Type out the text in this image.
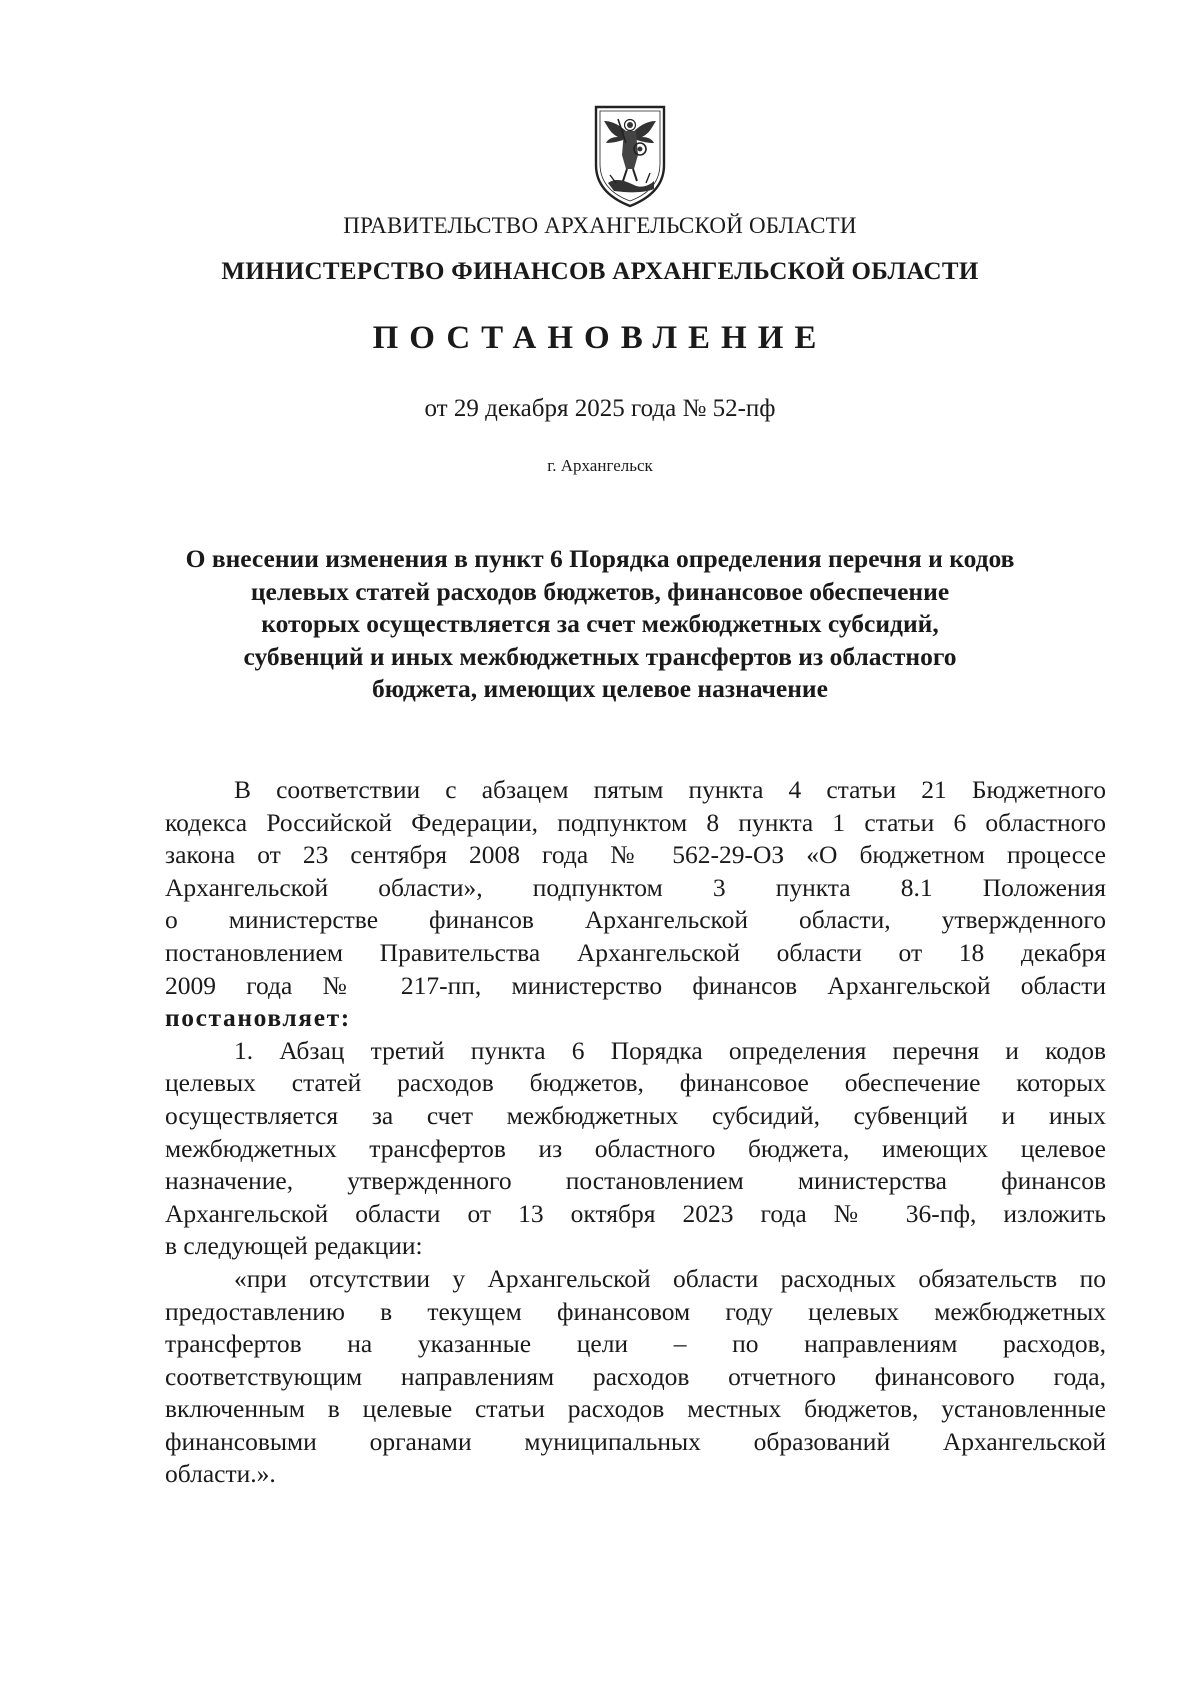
ПРАВИТЕЛЬСТВО АРХАНГЕЛЬСКОЙ ОБЛАСТИ

МИНИСТЕРСТВО ФИНАНСОВ АРХАНГЕЛЬСКОЙ ОБЛАСТИ

ПОСТАНОВЛЕНИЕ

от 29 декабря 2025 года № 52-пф

г. Архангельск

О внесении изменения в пункт 6 Порядка определения перечня и кодов
целевых статей расходов бюджетов, финансовое обеспечение
которых осуществляется за счет межбюджетных субсидий,
субвенций и иных межбюджетных трансфертов из областного
бюджета, имеющих целевое назначение
В соответствии с абзацем пятым пункта 4 статьи 21 Бюджетного
кодекса Российской Федерации, подпунктом 8 пункта 1 статьи 6 областного
закона от 23 сентября 2008 года № 562-29-ОЗ «О бюджетном процессе
Архангельской области», подпунктом 3 пункта 8.1 Положения
о министерстве финансов Архангельской области, утвержденного
постановлением Правительства Архангельской области от 18 декабря
2009 года № 217-пп, министерство финансов Архангельской области
постановляет:
1. Абзац третий пункта 6 Порядка определения перечня и кодов
целевых статей расходов бюджетов, финансовое обеспечение которых
осуществляется за счет межбюджетных субсидий, субвенций и иных
межбюджетных трансфертов из областного бюджета, имеющих целевое
назначение, утвержденного постановлением министерства финансов
Архангельской области от 13 октября 2023 года № 36-пф, изложить
в следующей редакции:
«при отсутствии у Архангельской области расходных обязательств по
предоставлению в текущем финансовом году целевых межбюджетных
трансфертов на указанные цели – по направлениям расходов,
соответствующим направлениям расходов отчетного финансового года,
включенным в целевые статьи расходов местных бюджетов, установленные
финансовыми органами муниципальных образований Архангельской
области.».
